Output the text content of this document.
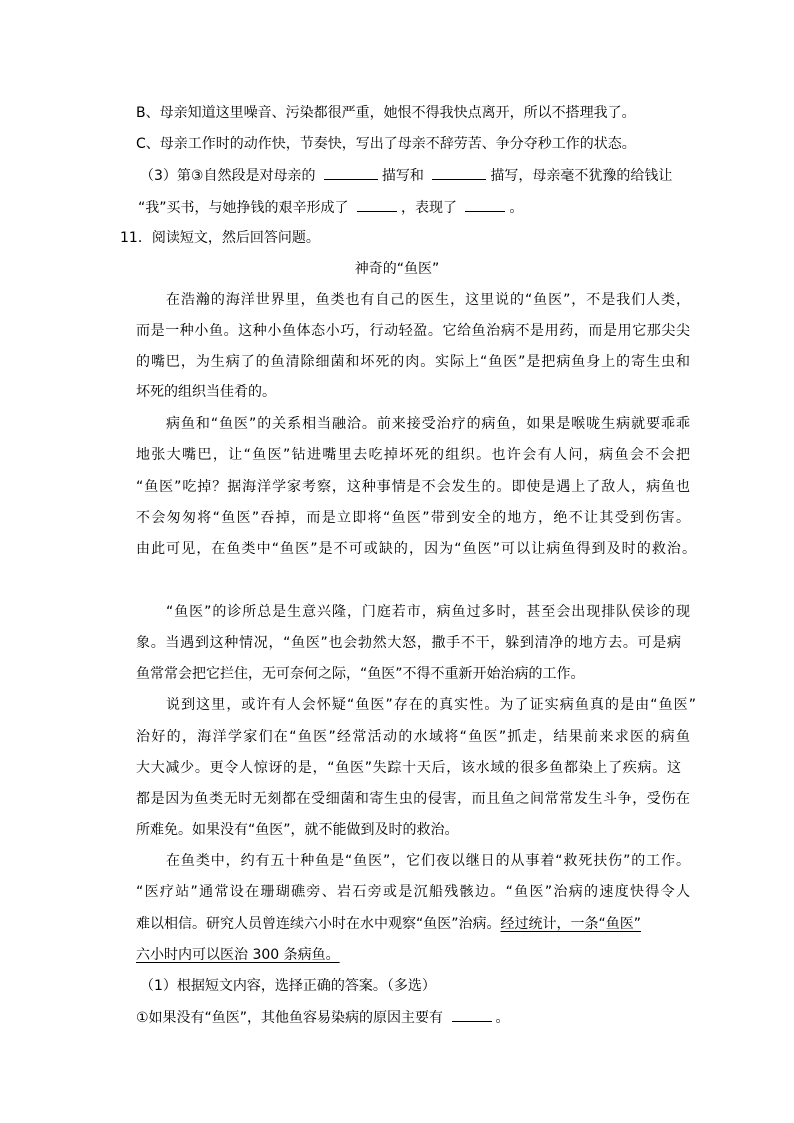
B、母亲知道这里噪音、污染都很严重，她恨不得我快点离开，所以不搭理我了。
C、母亲工作时的动作快，节奏快，写出了母亲不辞劳苦、争分夺秒工作的状态。
（3）第③自然段是对母亲的	描写和	描写，母亲毫不犹豫的给钱让
“我”买书，与她挣钱的艰辛形成了	，表现了	。
11．阅读短文，然后回答问题。
神奇的“鱼医”
在浩瀚的海洋世界里，鱼类也有自己的医生，这里说的“鱼医”，不是我们人类，
而是一种小鱼。这种小鱼体态小巧，行动轻盈。它给鱼治病不是用药，而是用它那尖尖
的嘴巴，为生病了的鱼清除细菌和坏死的肉。实际上“鱼医”是把病鱼身上的寄生虫和
坏死的组织当佳肴的。
病鱼和“鱼医”的关系相当融洽。前来接受治疗的病鱼，如果是喉咙生病就要乖乖
地张大嘴巴，让“鱼医”钻进嘴里去吃掉坏死的组织。也许会有人问，病鱼会不会把
“鱼医”吃掉？据海洋学家考察，这种事情是不会发生的。即使是遇上了敌人，病鱼也
不会匆匆将“鱼医”吞掉，而是立即将“鱼医”带到安全的地方，绝不让其受到伤害。
由此可见，在鱼类中“鱼医”是不可或缺的，因为“鱼医”可以让病鱼得到及时的救治。
“鱼医”的诊所总是生意兴隆，门庭若市，病鱼过多时，甚至会出现排队侯诊的现
象。当遇到这种情况，“鱼医”也会勃然大怒，撒手不干，躲到清净的地方去。可是病
鱼常常会把它拦住，无可奈何之际，“鱼医”不得不重新开始治病的工作。
说到这里，或许有人会怀疑“鱼医”存在的真实性。为了证实病鱼真的是由“鱼医”
治好的，海洋学家们在“鱼医”经常活动的水域将“鱼医”抓走，结果前来求医的病鱼
大大减少。更令人惊讶的是，“鱼医”失踪十天后，该水域的很多鱼都染上了疾病。这
都是因为鱼类无时无刻都在受细菌和寄生虫的侵害，而且鱼之间常常发生斗争，受伤在
所难免。如果没有“鱼医”，就不能做到及时的救治。
在鱼类中，约有五十种鱼是“鱼医”，它们夜以继日的从事着“救死扶伤”的工作。
“医疗站”通常设在珊瑚礁旁、岩石旁或是沉船残骸边。“鱼医”治病的速度快得令人
难以相信。研究人员曾连续六小时在水中观察“鱼医”治病。经过统计，一条“鱼医”
六小时内可以医治 300 条病鱼。
（1）根据短文内容，选择正确的答案。（多选）
①如果没有“鱼医”，其他鱼容易染病的原因主要有	。
